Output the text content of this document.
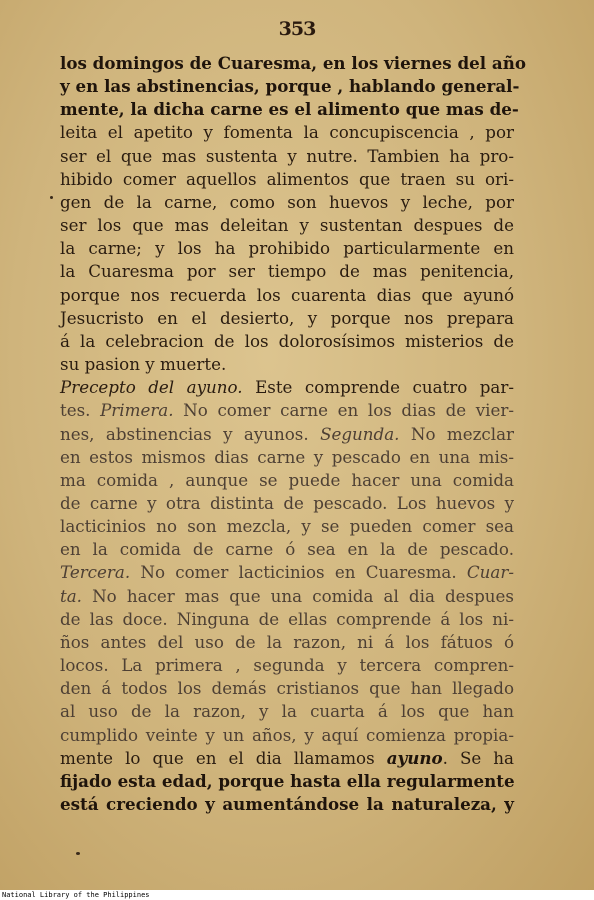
353
los domingos de Cuaresma, en los viernes del año
y en las abstinencias, porque , hablando general-
mente, la dicha carne es el alimento que mas de-
leita el apetito y fomenta la concupiscencia , por
ser el que mas sustenta y nutre. Tambien ha pro-
hibido comer aquellos alimentos que traen su ori-
gen de la carne, como son huevos y leche, por
ser los que mas deleitan y sustentan despues de
la carne; y los ha prohibido particularmente en
la Cuaresma por ser tiempo de mas penitencia,
porque nos recuerda los cuarenta dias que ayunó
Jesucristo en el desierto, y porque nos prepara
á la celebracion de los dolorosísimos misterios de
su pasion y muerte.
Precepto del ayuno. Este comprende cuatro par-
tes. Primera. No comer carne en los dias de vier-
nes, abstinencias y ayunos. Segunda. No mezclar
en estos mismos dias carne y pescado en una mis-
ma comida , aunque se puede hacer una comida
de carne y otra distinta de pescado. Los huevos y
lacticinios no son mezcla, y se pueden comer sea
en la comida de carne ó sea en la de pescado.
Tercera. No comer lacticinios en Cuaresma. Cuar-
ta. No hacer mas que una comida al dia despues
de las doce. Ninguna de ellas comprende á los ni-
ños antes del uso de la razon, ni á los fátuos ó
locos. La primera , segunda y tercera compren-
den á todos los demás cristianos que han llegado
al uso de la razon, y la cuarta á los que han
cumplido veinte y un años, y aquí comienza propia-
mente lo que en el dia llamamos ayuno. Se ha
fijado esta edad, porque hasta ella regularmente
está creciendo y aumentándose la naturaleza, y
National Library of the Philippines
